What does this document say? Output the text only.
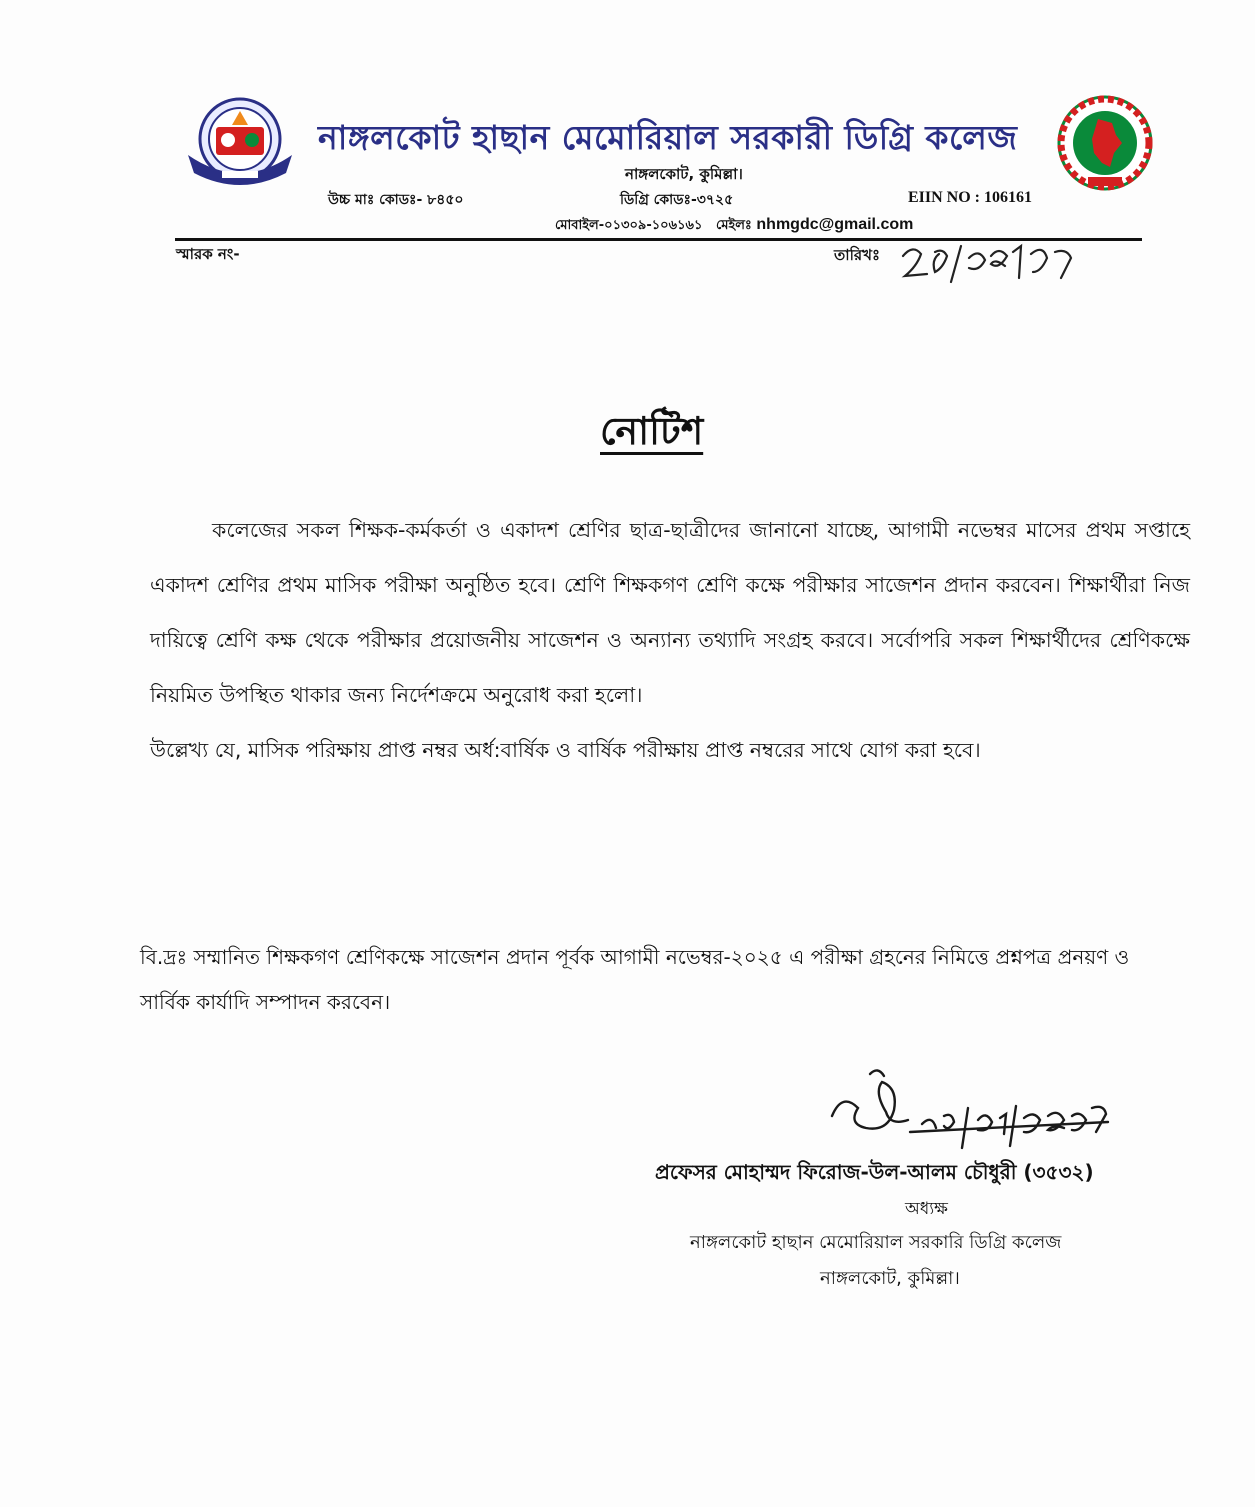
নাঙ্গলকোট হাছান মেমোরিয়াল সরকারী ডিগ্রি কলেজ
নাঙ্গলকোট, কুমিল্লা।
উচ্চ মাঃ কোডঃ- ৮৪৫০	ডিগ্রি কোডঃ-৩৭২৫	EIIN NO : 106161
মোবাইল-০১৩০৯-১০৬১৬১ মেইলঃ nhmgdc@gmail.com
স্মারক নং-	তারিখঃ
নোটিশ

কলেজের সকল শিক্ষক-কর্মকর্তা ও একাদশ শ্রেণির ছাত্র-ছাত্রীদের জানানো যাচ্ছে, আগামী নভেম্বর মাসের প্রথম সপ্তাহে একাদশ শ্রেণির প্রথম মাসিক পরীক্ষা অনুষ্ঠিত হবে। শ্রেণি শিক্ষকগণ শ্রেণি কক্ষে পরীক্ষার সাজেশন প্রদান করবেন। শিক্ষার্থীরা নিজ দায়িত্বে শ্রেণি কক্ষ থেকে পরীক্ষার প্রয়োজনীয় সাজেশন ও অন্যান্য তথ্যাদি সংগ্রহ করবে। সর্বোপরি সকল শিক্ষার্থীদের শ্রেণিকক্ষে নিয়মিত উপস্থিত থাকার জন্য নির্দেশক্রমে অনুরোধ করা হলো।

উল্লেখ্য যে, মাসিক পরিক্ষায় প্রাপ্ত নম্বর অর্ধ:বার্ষিক ও বার্ষিক পরীক্ষায় প্রাপ্ত নম্বরের সাথে যোগ করা হবে।

বি.দ্রঃ সম্মানিত শিক্ষকগণ শ্রেণিকক্ষে সাজেশন প্রদান পূর্বক আগামী নভেম্বর-২০২৫ এ পরীক্ষা গ্রহনের নিমিত্তে প্রশ্নপত্র প্রনয়ণ ও সার্বিক কার্যাদি সম্পাদন করবেন।
প্রফেসর মোহাম্মদ ফিরোজ-উল-আলম চৌধুরী (৩৫৩২)
অধ্যক্ষ
নাঙ্গলকোট হাছান মেমোরিয়াল সরকারি ডিগ্রি কলেজ
নাঙ্গলকোট, কুমিল্লা।
